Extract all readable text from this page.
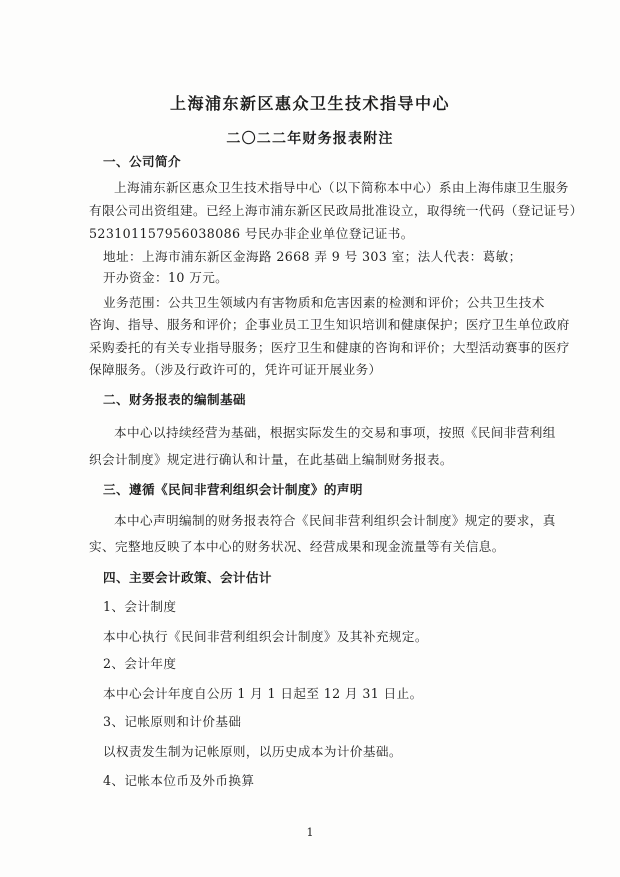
上海浦东新区惠众卫生技术指导中心
二〇二二年财务报表附注
一、公司简介
上海浦东新区惠众卫生技术指导中心（以下简称本中心）系由上海伟康卫生服务
有限公司出资组建。已经上海市浦东新区民政局批准设立，取得统一代码（登记证号）
52310115795603808​6 号民办非企业单位登记证书。
地址：上海市浦东新区金海路 2668 弄 9 号 303 室；法人代表：葛敏；
开办资金：10 万元。
业务范围：公共卫生领域内有害物质和危害因素的检测和评价；公共卫生技术
咨询、指导、服务和评价；企事业员工卫生知识培训和健康保护；医疗卫生单位政府
采购委托的有关专业指导服务；医疗卫生和健康的咨询和评价；大型活动赛事的医疗
保障服务。（涉及行政许可的，凭许可证开展业务）
二、财务报表的编制基础
本中心以持续经营为基础，根据实际发生的交易和事项，按照《民间非营利组
织会计制度》规定进行确认和计量，在此基础上编制财务报表。
三、遵循《民间非营利组织会计制度》的声明
本中心声明编制的财务报表符合《民间非营利组织会计制度》规定的要求，真
实、完整地反映了本中心的财务状况、经营成果和现金流量等有关信息。
四、主要会计政策、会计估计
1、会计制度
本中心执行《民间非营利组织会计制度》及其补充规定。
2、会计年度
本中心会计年度自公历 1 月 1 日起至 12 月 31 日止。
3、记帐原则和计价基础
以权责发生制为记帐原则，以历史成本为计价基础。
4、记帐本位币及外币换算
1
